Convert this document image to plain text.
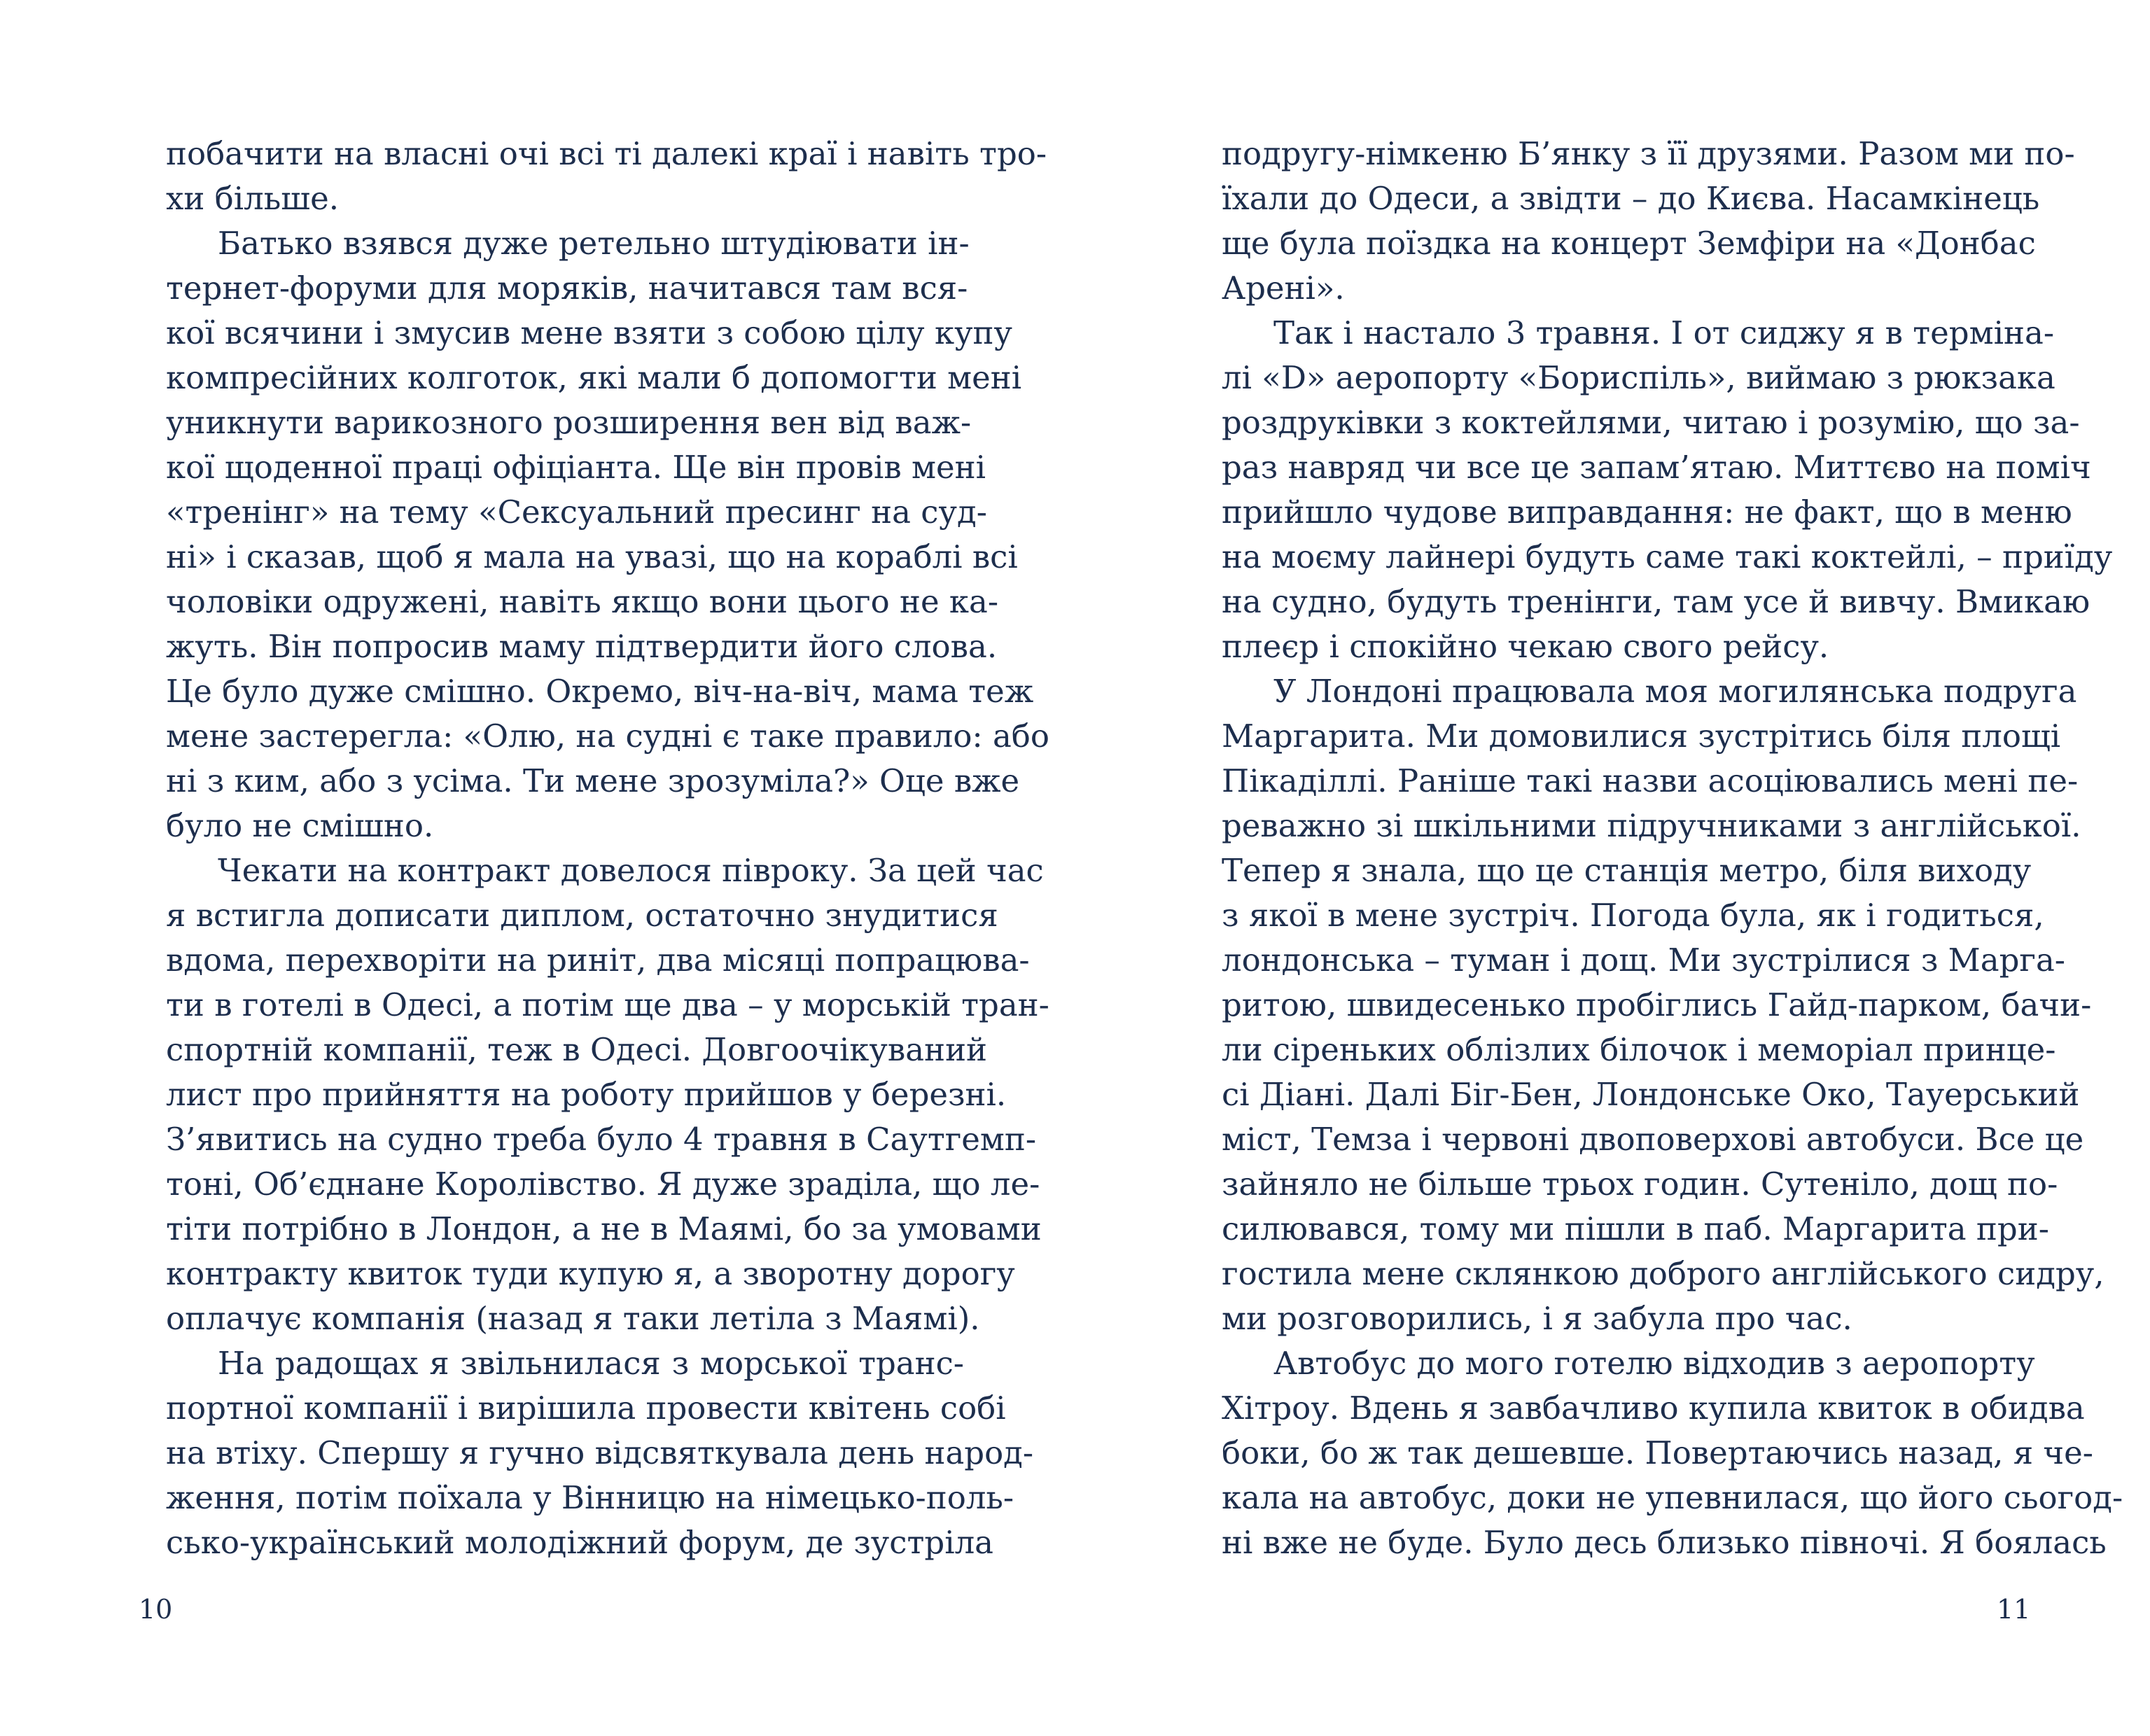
побачити на власні очі всі ті далекі краї і навіть тро-
хи більше.
Батько взявся дуже ретельно штудіювати ін-
тернет-форуми для моряків, начитався там вся-
кої всячини і змусив мене взяти з собою цілу купу
компресійних колготок, які мали б допомогти мені
уникнути варикозного розширення вен від важ-
кої щоденної праці офіціанта. Ще він провів мені
«тренінг» на тему «Сексуальний пресинг на суд-
ні» і сказав, щоб я мала на увазі, що на кораблі всі
чоловіки одружені, навіть якщо вони цього не ка-
жуть. Він попросив маму підтвердити його слова.
Це було дуже смішно. Окремо, віч-на-віч, мама теж
мене застерегла: «Олю, на судні є таке правило: або
ні з ким, або з усіма. Ти мене зрозуміла?» Оце вже
було не смішно.
Чекати на контракт довелося півроку. За цей час
я встигла дописати диплом, остаточно знудитися
вдома, перехворіти на риніт, два місяці попрацюва-
ти в готелі в Одесі, а потім ще два – у морській тран-
спортній компанії, теж в Одесі. Довгоочікуваний
лист про прийняття на роботу прийшов у березні.
З’явитись на судно треба було 4 травня в Саутгемп-
тоні, Об’єднане Королівство. Я дуже зраділа, що ле-
тіти потрібно в Лондон, а не в Маямі, бо за умовами
контракту квиток туди купую я, а зворотну дорогу
оплачує компанія (назад я таки летіла з Маямі).
На радощах я звільнилася з морської транс-
портної компанії і вирішила провести квітень собі
на втіху. Спершу я гучно відсвяткувала день народ-
ження, потім поїхала у Вінницю на німецько-поль-
сько-український молодіжний форум, де зустріла
10
подругу-німкеню Б’янку з її друзями. Разом ми по-
їхали до Одеси, а звідти – до Києва. Насамкінець
ще була поїздка на концерт Земфіри на «Донбас
Арені».
Так і настало 3 травня. І от сиджу я в терміна-
лі «D» аеропорту «Бориспіль», виймаю з рюкзака
роздруківки з коктейлями, читаю і розумію, що за-
раз навряд чи все це запам’ятаю. Миттєво на поміч
прийшло чудове виправдання: не факт, що в меню
на моєму лайнері будуть саме такі коктейлі, – приїду
на судно, будуть тренінги, там усе й вивчу. Вмикаю
плеєр і спокійно чекаю свого рейсу.
У Лондоні працювала моя могилянська подруга
Маргарита. Ми домовилися зустрітись біля площі
Пікаділлі. Раніше такі назви асоціювались мені пе-
реважно зі шкільними підручниками з англійської.
Тепер я знала, що це станція метро, біля виходу
з якої в мене зустріч. Погода була, як і годиться,
лондонська – туман і дощ. Ми зустрілися з Марга-
ритою, швидесенько пробіглись Гайд-парком, бачи-
ли сіреньких облізлих білочок і меморіал принце-
сі Діані. Далі Біг-Бен, Лондонське Око, Тауерський
міст, Темза і червоні двоповерхові автобуси. Все це
зайняло не більше трьох годин. Сутеніло, дощ по-
силювався, тому ми пішли в паб. Маргарита при-
гостила мене склянкою доброго англійського сидру,
ми розговорились, і я забула про час.
Автобус до мого готелю відходив з аеропорту
Хітроу. Вдень я завбачливо купила квиток в обидва
боки, бо ж так дешевше. Повертаючись назад, я че-
кала на автобус, доки не упевнилася, що його сьогод-
ні вже не буде. Було десь близько півночі. Я боялась
11
